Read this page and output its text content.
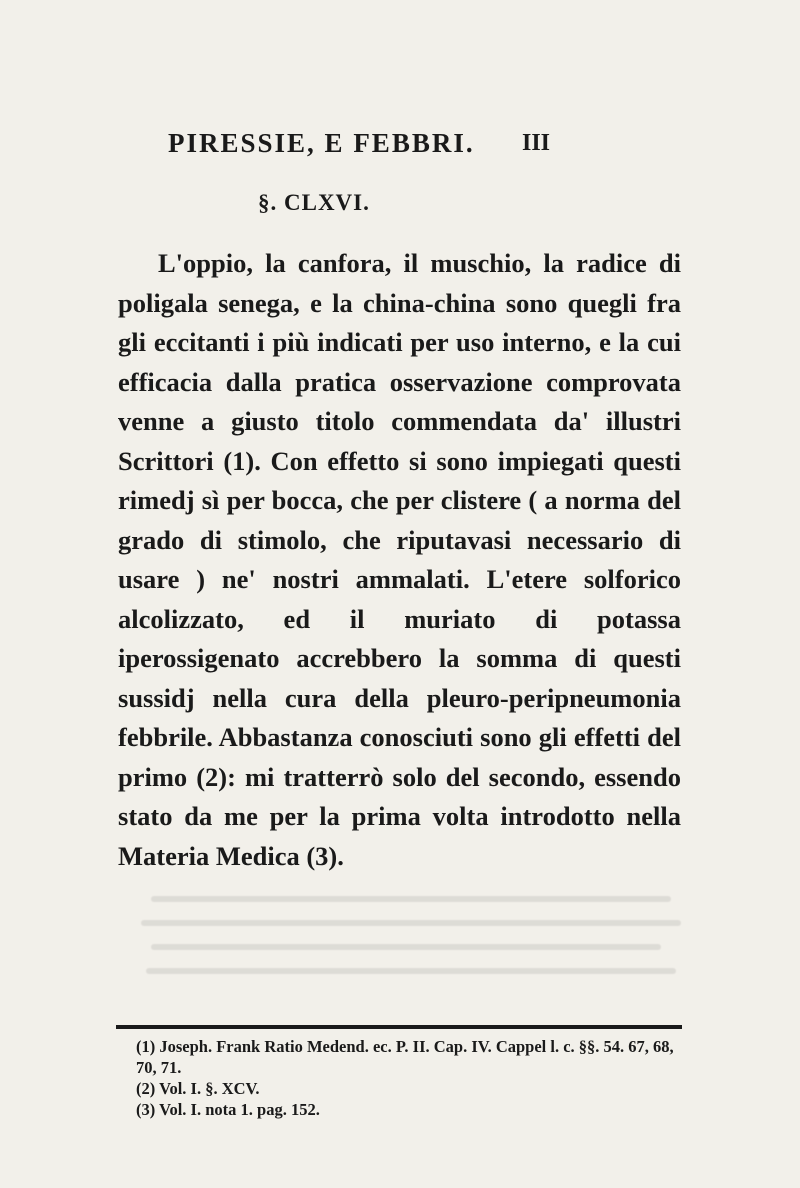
PIRESSIE, E FEBBRI. III
§. CLXVI.

L'oppio, la canfora, il muschio, la radice di poligala senega, e la china-china sono quegli fra gli eccitanti i più indicati per uso interno, e la cui efficacia dalla pratica osservazione comprovata venne a giusto titolo commendata da' illustri Scrittori (1). Con effetto si sono impiegati questi rimedj sì per bocca, che per clistere ( a norma del grado di stimolo, che riputavasi necessario di usare ) ne' nostri ammalati. L'etere solforico alcolizzato, ed il muriato di potassa iperossigenato accrebbero la somma di questi sussidj nella cura della pleuro-peripneumonia febbrile. Abbastanza conosciuti sono gli effetti del primo (2): mi tratterrò solo del secondo, essendo stato da me per la prima volta introdotto nella Materia Medica (3).

(1) Joseph. Frank Ratio Medend. ec. P. II. Cap. IV. Cappel l. c. §§. 54. 67, 68, 70, 71.

(2) Vol. I. §. XCV.

(3) Vol. I. nota 1. pag. 152.
